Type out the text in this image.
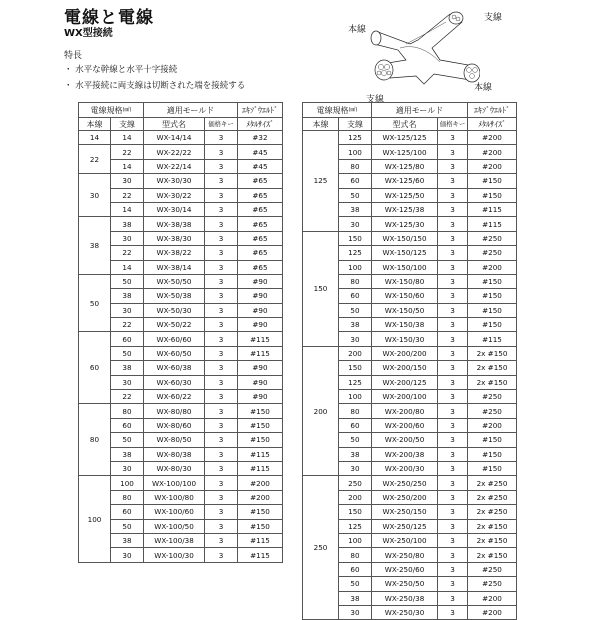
電線と電線
WX型接続
特長
・ 水平な幹線と水平十字接続
・ 水平接続に両支線は切断された端を接続する
本線
支線
本線
支線
電線規格(㎟)		適用モールド		ｴｷｿﾞｳｴﾙﾄﾞ
本線	支線	型式名	価格キー	ﾒﾀﾙｻｲｽﾞ
14	14	WX-14/14	3	#32
22	22	WX-22/22	3	#45
	14	WX-22/14	3	#45
30	30	WX-30/30	3	#65
	22	WX-30/22	3	#65
	14	WX-30/14	3	#65
38	38	WX-38/38	3	#65
	30	WX-38/30	3	#65
	22	WX-38/22	3	#65
	14	WX-38/14	3	#65
50	50	WX-50/50	3	#90
	38	WX-50/38	3	#90
	30	WX-50/30	3	#90
	22	WX-50/22	3	#90
60	60	WX-60/60	3	#115
	50	WX-60/50	3	#115
	38	WX-60/38	3	#90
	30	WX-60/30	3	#90
	22	WX-60/22	3	#90
80	80	WX-80/80	3	#150
	60	WX-80/60	3	#150
	50	WX-80/50	3	#150
	38	WX-80/38	3	#115
	30	WX-80/30	3	#115
100	100	WX-100/100	3	#200
	80	WX-100/80	3	#200
	60	WX-100/60	3	#150
	50	WX-100/50	3	#150
	38	WX-100/38	3	#115
	30	WX-100/30	3	#115
電線規格(㎟)		適用モールド		ｴｷｿﾞｳｴﾙﾄﾞ
本線	支線	型式名	価格キー	ﾒﾀﾙｻｲｽﾞ
125	125	WX-125/125	3	#200
	100	WX-125/100	3	#200
	80	WX-125/80	3	#200
	60	WX-125/60	3	#150
	50	WX-125/50	3	#150
	38	WX-125/38	3	#115
	30	WX-125/30	3	#115
150	150	WX-150/150	3	#250
	125	WX-150/125	3	#250
	100	WX-150/100	3	#200
	80	WX-150/80	3	#150
	60	WX-150/60	3	#150
	50	WX-150/50	3	#150
	38	WX-150/38	3	#150
	30	WX-150/30	3	#115
200	200	WX-200/200	3	2x #150
	150	WX-200/150	3	2x #150
	125	WX-200/125	3	2x #150
	100	WX-200/100	3	#250
	80	WX-200/80	3	#250
	60	WX-200/60	3	#200
	50	WX-200/50	3	#150
	38	WX-200/38	3	#150
	30	WX-200/30	3	#150
250	250	WX-250/250	3	2x #250
	200	WX-250/200	3	2x #250
	150	WX-250/150	3	2x #250
	125	WX-250/125	3	2x #150
	100	WX-250/100	3	2x #150
	80	WX-250/80	3	2x #150
	60	WX-250/60	3	#250
	50	WX-250/50	3	#250
	38	WX-250/38	3	#200
	30	WX-250/30	3	#200
